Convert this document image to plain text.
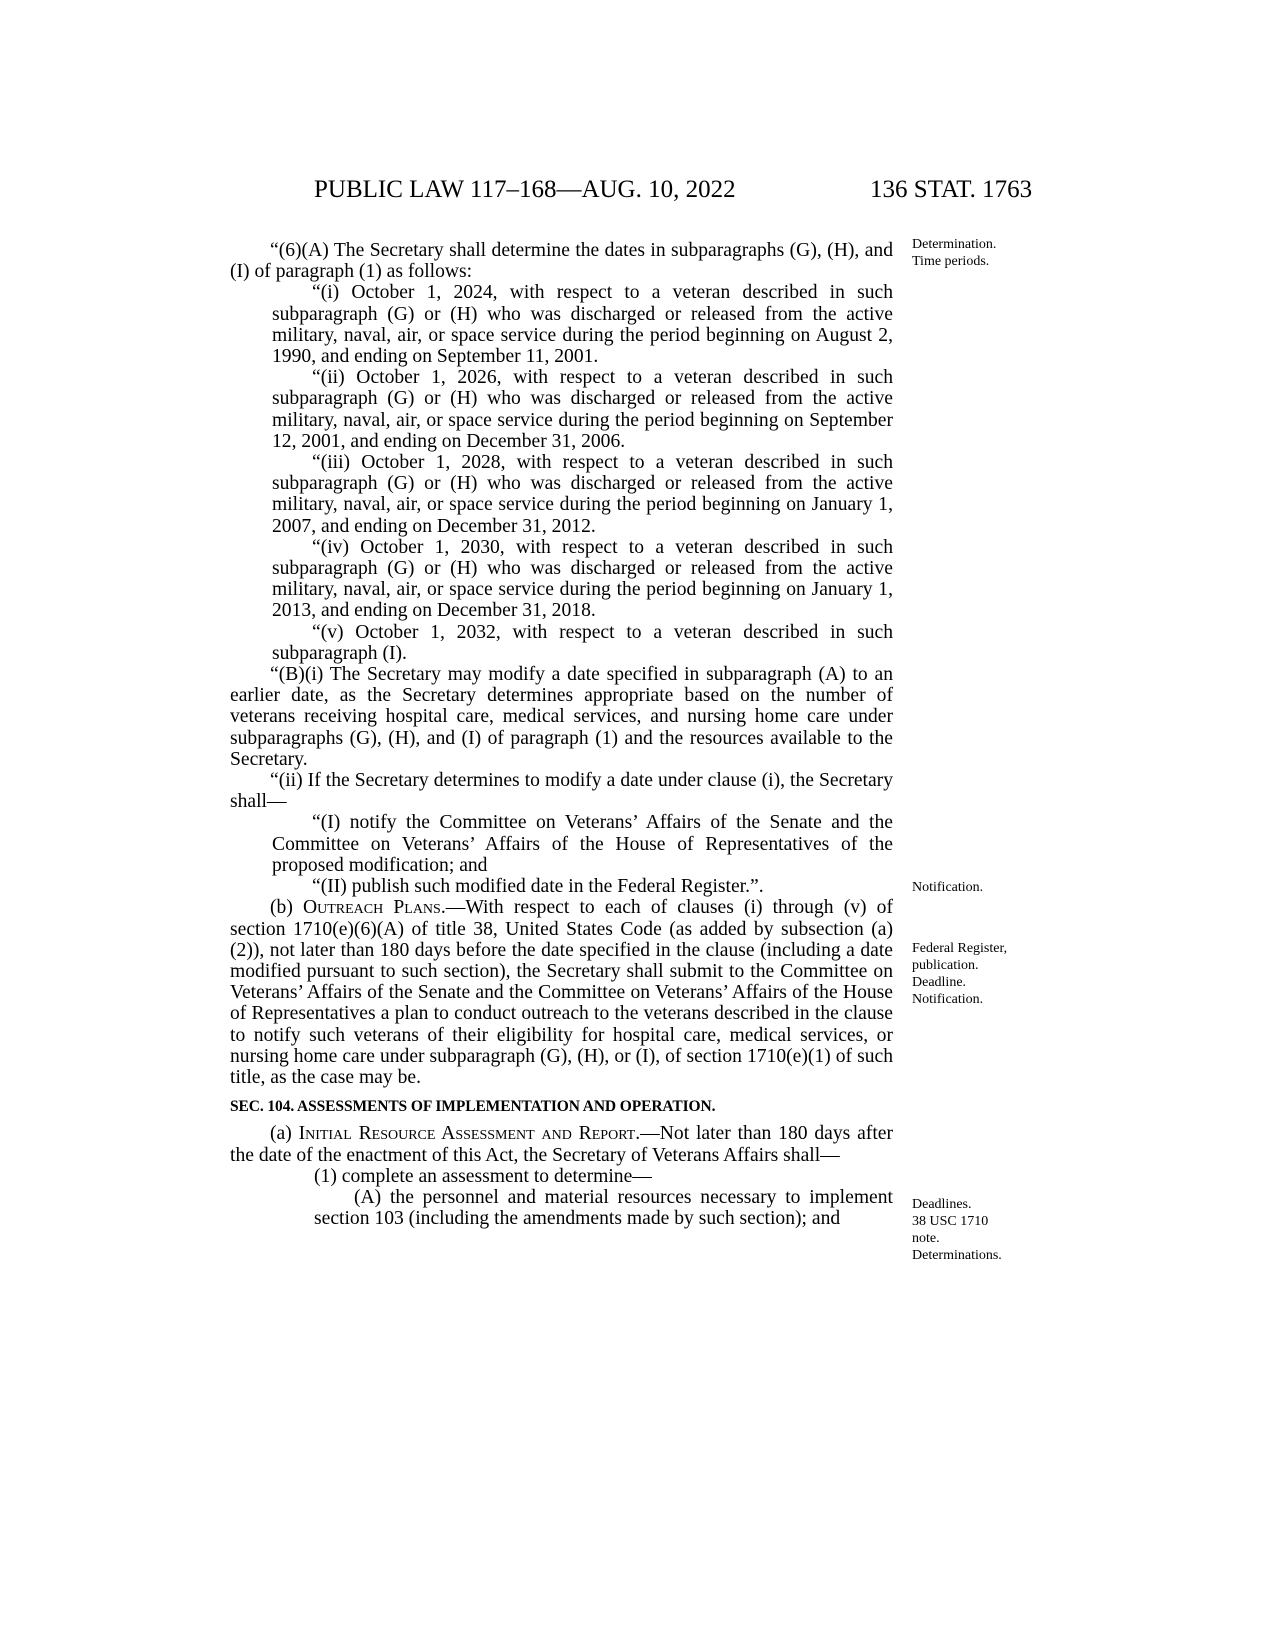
PUBLIC LAW 117–168—AUG. 10, 2022	136 STAT. 1763

“(6)(A) The Secretary shall determine the dates in subparagraphs (G), (H), and (I) of paragraph (1) as follows:

“(i) October 1, 2024, with respect to a veteran described in such subparagraph (G) or (H) who was discharged or released from the active military, naval, air, or space service during the period beginning on August 2, 1990, and ending on September 11, 2001.

“(ii) October 1, 2026, with respect to a veteran described in such subparagraph (G) or (H) who was discharged or released from the active military, naval, air, or space service during the period beginning on September 12, 2001, and ending on December 31, 2006.

“(iii) October 1, 2028, with respect to a veteran described in such subparagraph (G) or (H) who was discharged or released from the active military, naval, air, or space service during the period beginning on January 1, 2007, and ending on December 31, 2012.

“(iv) October 1, 2030, with respect to a veteran described in such subparagraph (G) or (H) who was discharged or released from the active military, naval, air, or space service during the period beginning on January 1, 2013, and ending on December 31, 2018.

“(v) October 1, 2032, with respect to a veteran described in such subparagraph (I).

“(B)(i) The Secretary may modify a date specified in subparagraph (A) to an earlier date, as the Secretary determines appropriate based on the number of veterans receiving hospital care, medical services, and nursing home care under subparagraphs (G), (H), and (I) of paragraph (1) and the resources available to the Secretary.

“(ii) If the Secretary determines to modify a date under clause (i), the Secretary shall—

“(I) notify the Committee on Veterans’ Affairs of the Senate and the Committee on Veterans’ Affairs of the House of Representatives of the proposed modification; and

“(II) publish such modified date in the Federal Register.”.

(b) Outreach Plans.—With respect to each of clauses (i) through (v) of section 1710(e)(6)(A) of title 38, United States Code (as added by subsection (a)(2)), not later than 180 days before the date specified in the clause (including a date modified pursuant to such section), the Secretary shall submit to the Committee on Veterans’ Affairs of the Senate and the Committee on Veterans’ Affairs of the House of Representatives a plan to conduct outreach to the veterans described in the clause to notify such veterans of their eligibility for hospital care, medical services, or nursing home care under subparagraph (G), (H), or (I), of section 1710(e)(1) of such title, as the case may be.

SEC. 104. ASSESSMENTS OF IMPLEMENTATION AND OPERATION.

(a) Initial Resource Assessment and Report.—Not later than 180 days after the date of the enactment of this Act, the Secretary of Veterans Affairs shall—

(1) complete an assessment to determine—

(A) the personnel and material resources necessary to implement section 103 (including the amendments made by such section); and

Determination.
Time periods.
Notification.
Federal Register,
publication.
Deadline.
Notification.
Deadlines.
38 USC 1710
note.
Determinations.
